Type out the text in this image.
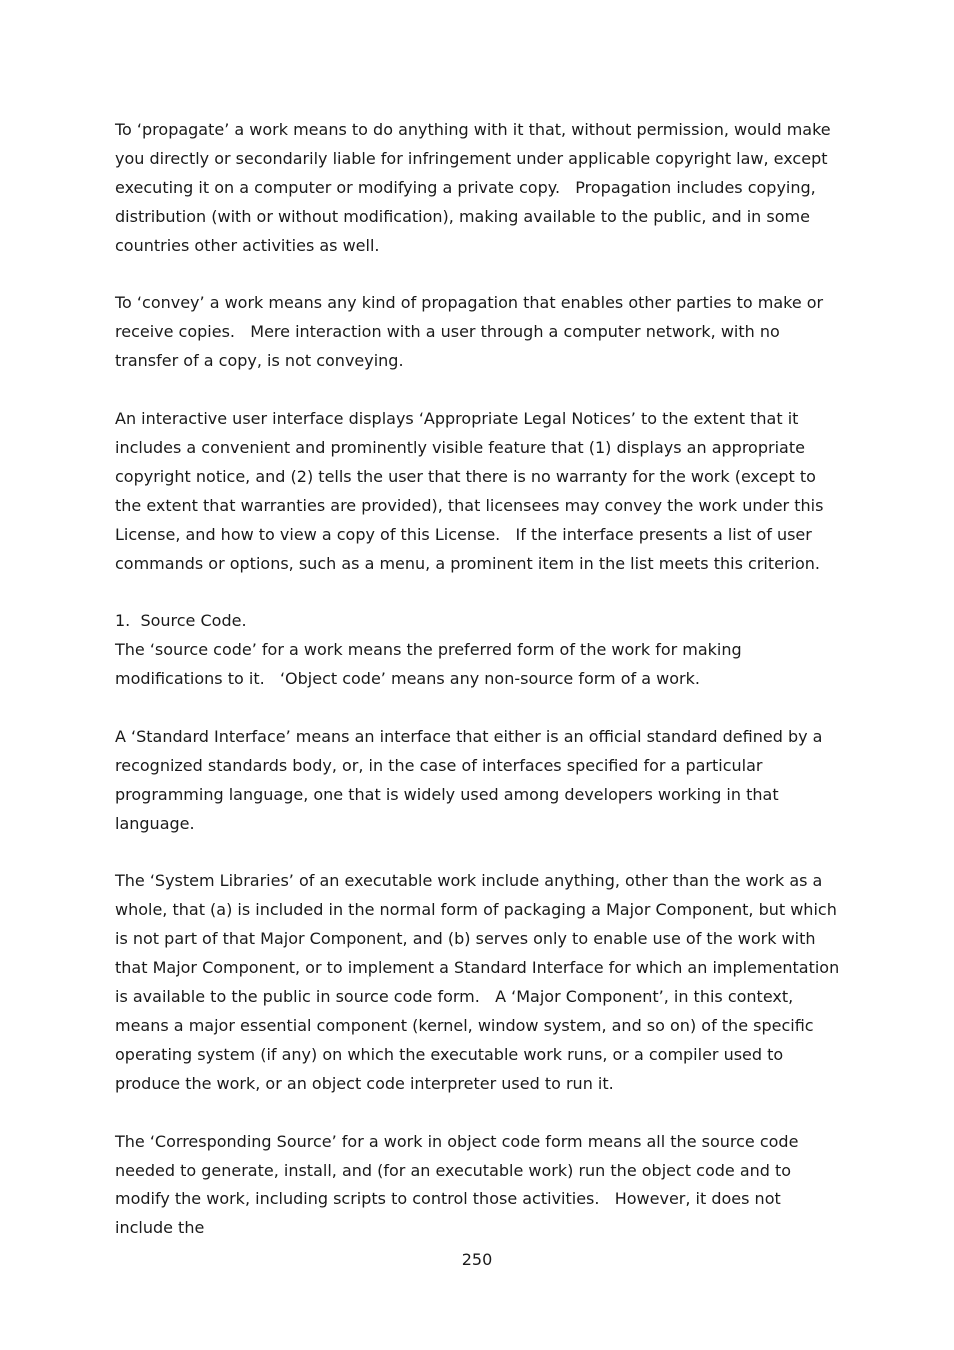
To ‘propagate’ a work means to do anything with it that, without permission, would make you directly or secondarily liable for infringement under applicable copyright law, except executing it on a computer or modifying a private copy.   Propagation includes copying, distribution (with or without modification), making available to the public, and in some countries other activities as well.

To ‘convey’ a work means any kind of propagation that enables other parties to make or receive copies.   Mere interaction with a user through a computer network, with no transfer of a copy, is not conveying.

An interactive user interface displays ‘Appropriate Legal Notices’ to the extent that it includes a convenient and prominently visible feature that (1) displays an appropriate copyright notice, and (2) tells the user that there is no warranty for the work (except to the extent that warranties are provided), that licensees may convey the work under this License, and how to view a copy of this License.   If the interface presents a list of user commands or options, such as a menu, a prominent item in the list meets this criterion.

1.  Source Code.

The ‘source code’ for a work means the preferred form of the work for making modifications to it.   ‘Object code’ means any non-source form of a work.

A ‘Standard Interface’ means an interface that either is an official standard defined by a recognized standards body, or, in the case of interfaces specified for a particular programming language, one that is widely used among developers working in that language.

The ‘System Libraries’ of an executable work include anything, other than the work as a whole, that (a) is included in the normal form of packaging a Major Component, but which is not part of that Major Component, and (b) serves only to enable use of the work with that Major Component, or to implement a Standard Interface for which an implementation is available to the public in source code form.   A ‘Major Component’, in this context, means a major essential component (kernel, window system, and so on) of the specific operating system (if any) on which the executable work runs, or a compiler used to produce the work, or an object code interpreter used to run it.

The ‘Corresponding Source’ for a work in object code form means all the source code needed to generate, install, and (for an executable work) run the object code and to modify the work, including scripts to control those activities.   However, it does not include the

250
